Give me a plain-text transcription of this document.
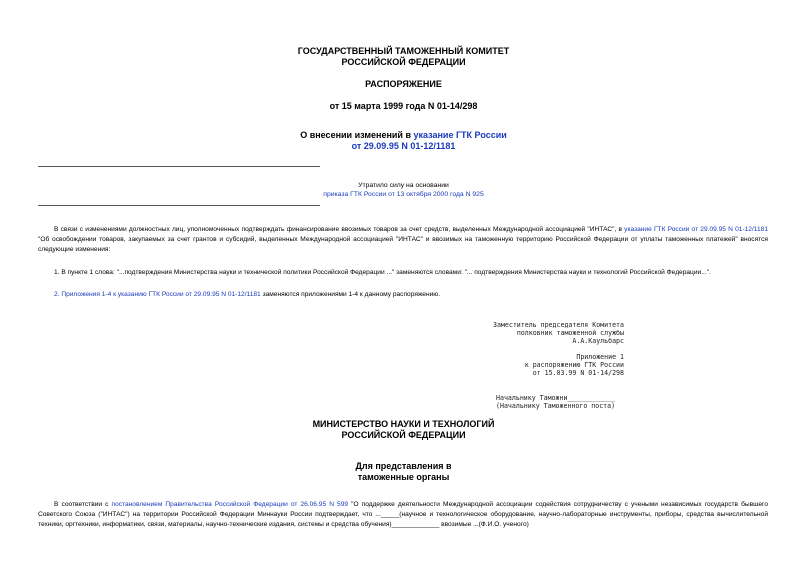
ГОСУДАРСТВЕННЫЙ ТАМОЖЕННЫЙ КОМИТЕТ
РОССИЙСКОЙ ФЕДЕРАЦИИ
РАСПОРЯЖЕНИЕ
от 15 марта 1999 года N 01-14/298
О внесении изменений в указание ГТК России
от 29.09.95 N 01-12/1181
Утратило силу на основании
приказа ГТК России от 13 октября 2000 года N 925
В связи с изменениями должностных лиц, уполномоченных подтверждать финансирование ввозимых товаров за счет средств, выделенных Международной ассоциацией "ИНТАС", в указание ГТК России от 29.09.95 N 01-12/1181 "Об освобождении товаров, закупаемых за счет грантов и субсидий, выделенных Международной ассоциацией "ИНТАС" и ввозимых на таможенную территорию Российской Федерации от уплаты таможенных платежей" вносятся следующие изменения:
1. В пункте 1 слова: "...подтверждения Министерства науки и технической политики Российской Федерации ..." заменяются словами: "... подтверждения Министерства науки и технологий Российской Федерации...".
2. Приложения 1-4 к указанию ГТК России от 29.09.95 N 01-12/1181 заменяются приложениями 1-4 к данному распоряжению.
Заместитель председателя Комитета
полковник таможенной службы
А.А.Каульбарс
Приложение 1
к распоряжению ГТК России
от 15.03.99 N 01-14/298
Начальнику Таможни____________
(Начальнику Таможенного поста)
МИНИСТЕРСТВО НАУКИ И ТЕХНОЛОГИЙ
РОССИЙСКОЙ ФЕДЕРАЦИИ
Для представления в
таможенные органы
В соответствии с постановлением Правительства Российской Федерации от 26.06.95 N 599 "О поддержке деятельности Международной ассоциации содействия сотрудничеству с учеными независимых государств бывшего Советского Союза ("ИНТАС") на территории Российской Федерации Миннауки России подтверждает, что ..._____(научное и технологическое оборудование, научно-лабораторные инструменты, приборы, средства вычислительной техники, оргтехники, информатики, связи, материалы, научно-технические издания, системы и средства обучения)_____________ ввозимые ...(Ф.И.О. ученого)
